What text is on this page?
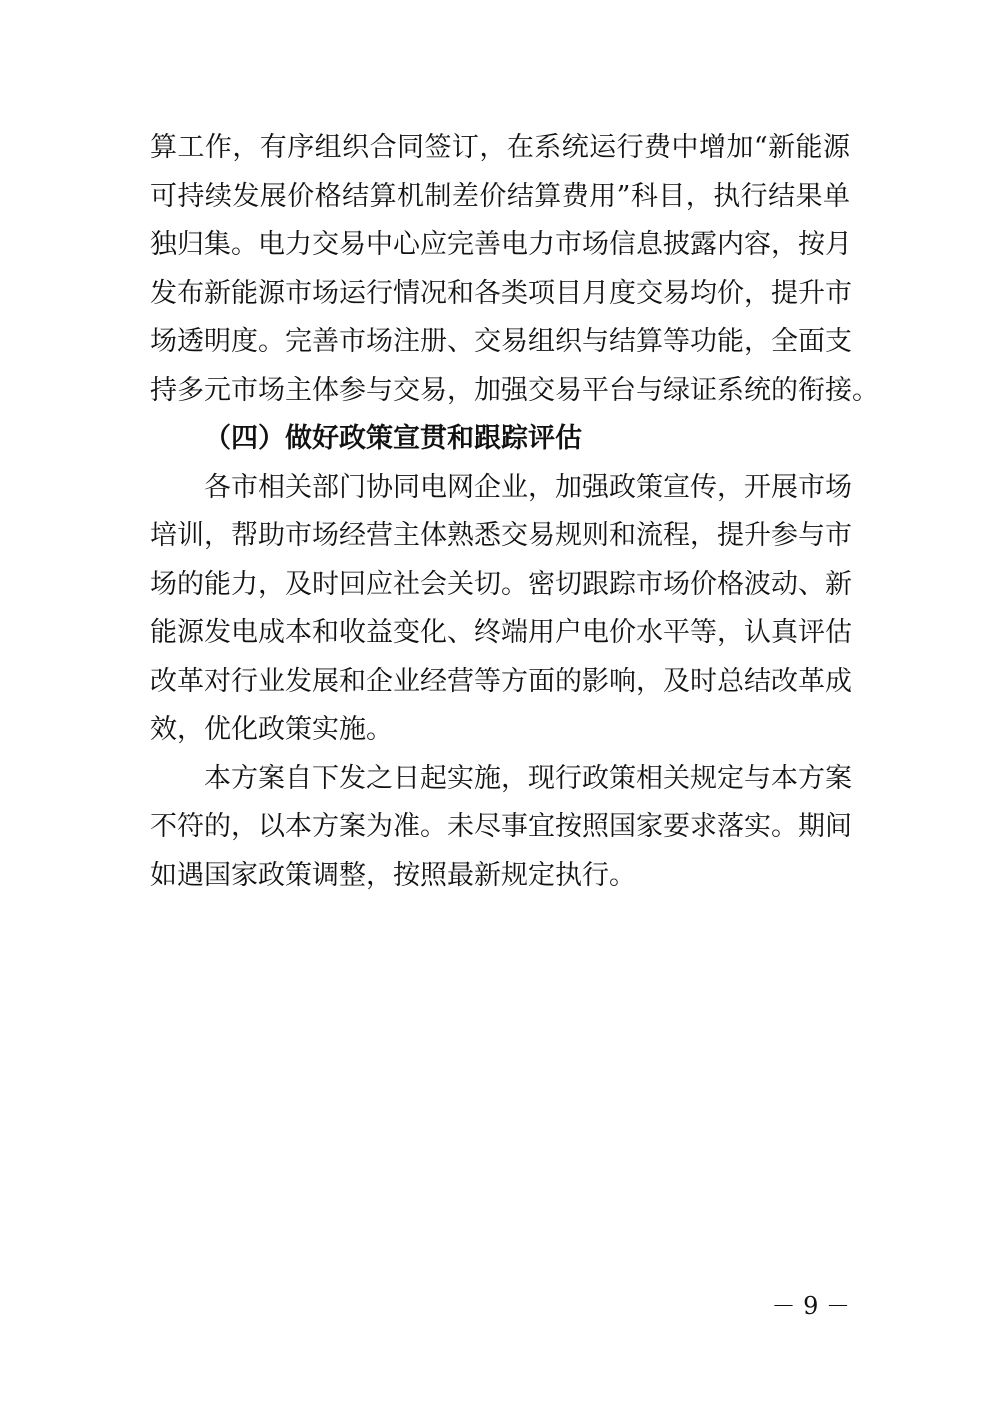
算工作，有序组织合同签订，在系统运行费中增加“新能源
可持续发展价格结算机制差价结算费用”科目，执行结果单
独归集。电力交易中心应完善电力市场信息披露内容，按月
发布新能源市场运行情况和各类项目月度交易均价，提升市
场透明度。完善市场注册、交易组织与结算等功能，全面支
持多元市场主体参与交易，加强交易平台与绿证系统的衔接。
（四）做好政策宣贯和跟踪评估
各市相关部门协同电网企业，加强政策宣传，开展市场
培训，帮助市场经营主体熟悉交易规则和流程，提升参与市
场的能力，及时回应社会关切。密切跟踪市场价格波动、新
能源发电成本和收益变化、终端用户电价水平等，认真评估
改革对行业发展和企业经营等方面的影响，及时总结改革成
效，优化政策实施。
本方案自下发之日起实施，现行政策相关规定与本方案
不符的，以本方案为准。未尽事宜按照国家要求落实。期间
如遇国家政策调整，按照最新规定执行。
－ 9 －
